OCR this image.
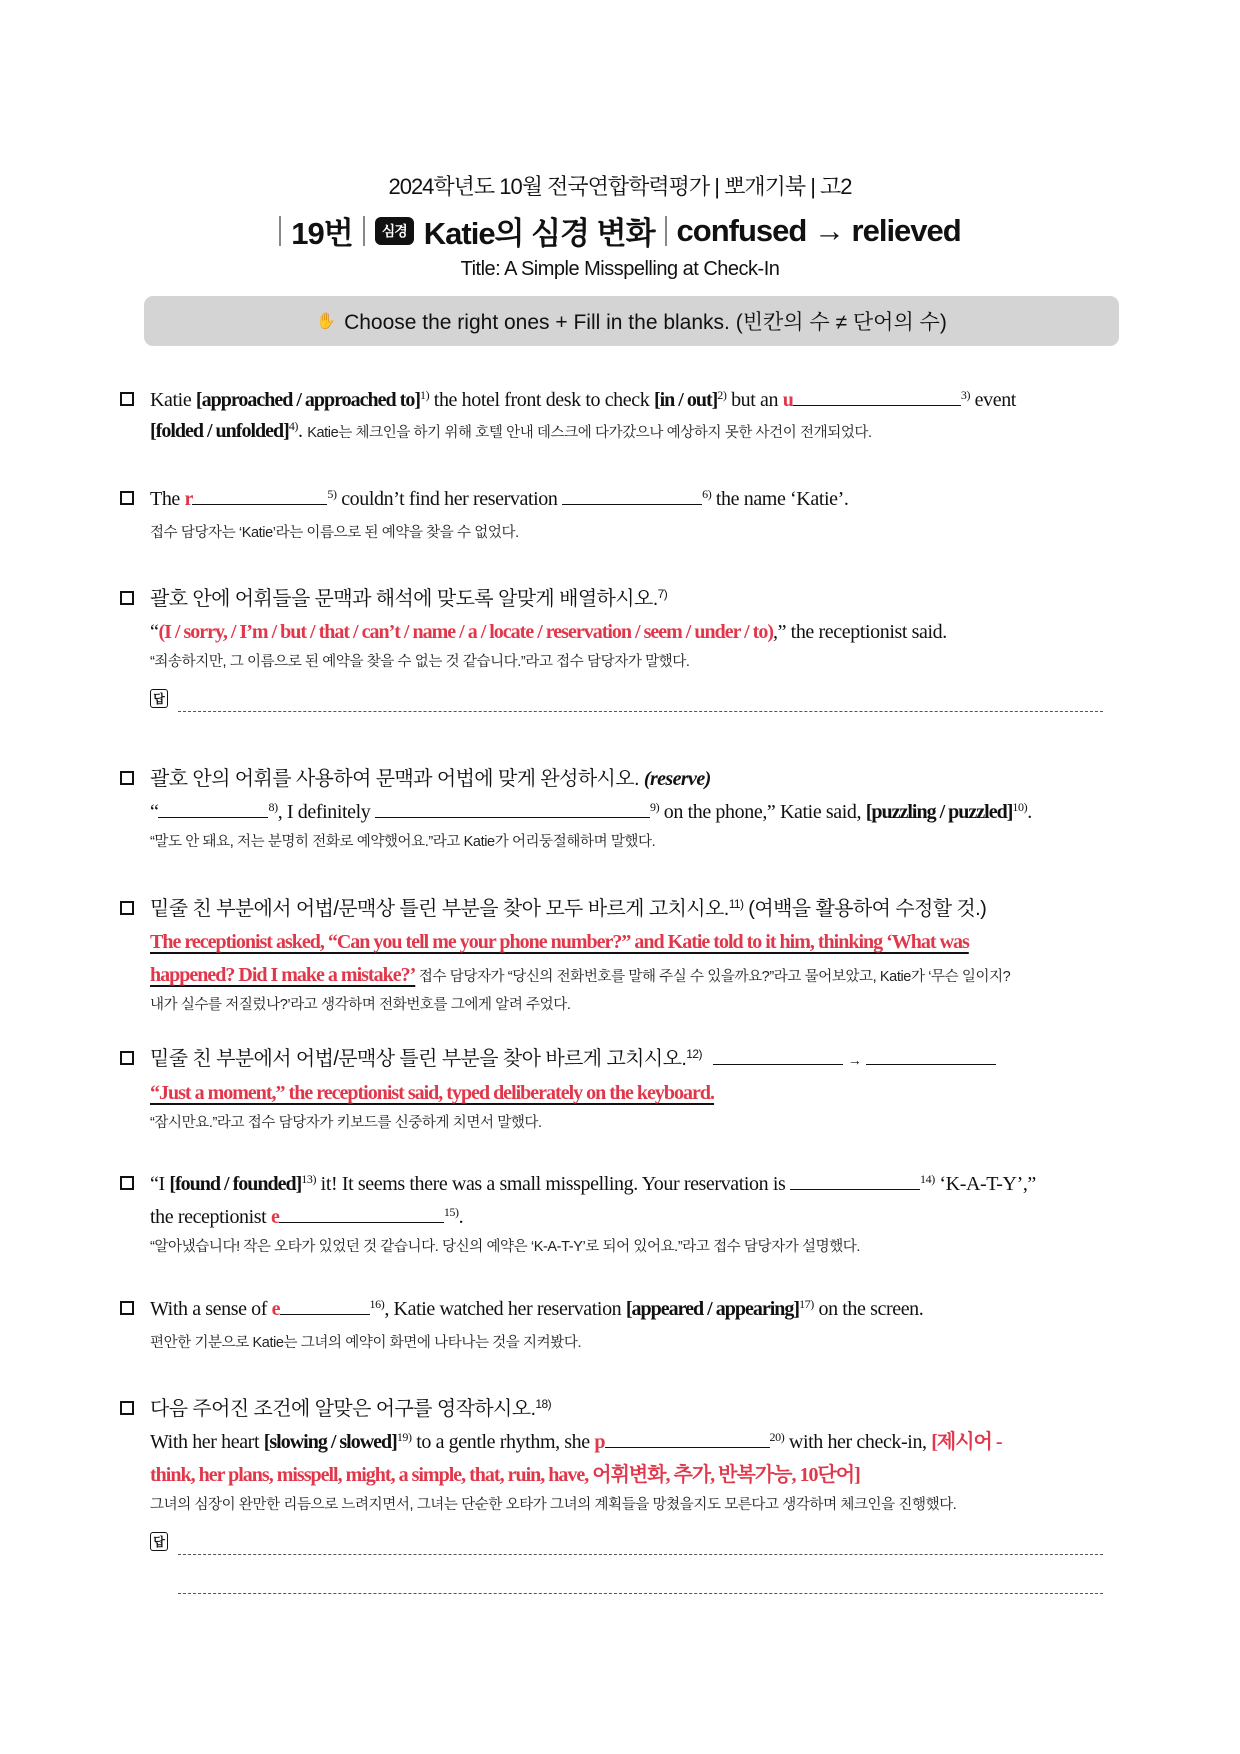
2024학년도 10월 전국연합학력평가 | 뽀개기북 | 고2
19번	심경 Katie의 심경 변화 confused → relieved
Title: A Simple Misspelling at Check-In
✋ Choose the right ones + Fill in the blanks. (빈칸의 수 ≠ 단어의 수)
Katie [approached / approached to]$^{1)}$ the hotel front desk to check [in / out]$^{2)}$ but an u	$^{3)}$ event
[folded / unfolded]$^{4)}$. Katie는 체크인을 하기 위해 호텔 안내 데스크에 다가갔으나 예상하지 못한 사건이 전개되었다.
The r	$^{5)}$ couldn’t find her reservation	$^{6)}$ the name ‘Katie’.
접수 담당자는 ‘Katie’라는 이름으로 된 예약을 찾을 수 없었다.
괄호 안에 어휘들을 문맥과 해석에 맞도록 알맞게 배열하시오.$^{7)}$
“(I / sorry, / I’m / but / that / can’t / name / a / locate / reservation / seem / under / to),” the receptionist said.
“죄송하지만, 그 이름으로 된 예약을 찾을 수 없는 것 같습니다.”라고 접수 담당자가 말했다.
답
괄호 안의 어휘를 사용하여 문맥과 어법에 맞게 완성하시오. (reserve)
“	$^{8)}$, I definitely	$^{9)}$ on the phone,” Katie said, [puzzling / puzzled]$^{10)}$.
“말도 안 돼요, 저는 분명히 전화로 예약했어요.”라고 Katie가 어리둥절해하며 말했다.
밑줄 친 부분에서 어법/문맥상 틀린 부분을 찾아 모두 바르게 고치시오.$^{11)}$ (여백을 활용하여 수정할 것.)
The receptionist asked, “Can you tell me your phone number?” and Katie told to it him, thinking ‘What was
happened? Did I make a mistake?’ 접수 담당자가 “당신의 전화번호를 말해 주실 수 있을까요?”라고 물어보았고, Katie가 ‘무슨 일이지?
내가 실수를 저질렀나?’라고 생각하며 전화번호를 그에게 알려 주었다.
밑줄 친 부분에서 어법/문맥상 틀린 부분을 찾아 바르게 고치시오.$^{12)}$	→
“Just a moment,” the receptionist said, typed deliberately on the keyboard.
“잠시만요.”라고 접수 담당자가 키보드를 신중하게 치면서 말했다.
“I [found / founded]$^{13)}$ it! It seems there was a small misspelling. Your reservation is	$^{14)}$ ‘K-A-T-Y’,”
the receptionist e	$^{15)}$.
“알아냈습니다! 작은 오타가 있었던 것 같습니다. 당신의 예약은 ‘K-A-T-Y’로 되어 있어요.”라고 접수 담당자가 설명했다.
With a sense of e	$^{16)}$, Katie watched her reservation [appeared / appearing]$^{17)}$ on the screen.
편안한 기분으로 Katie는 그녀의 예약이 화면에 나타나는 것을 지켜봤다.
다음 주어진 조건에 알맞은 어구를 영작하시오.$^{18)}$
With her heart [slowing / slowed]$^{19)}$ to a gentle rhythm, she p	$^{20)}$ with her check-in, [제시어 -
think, her plans, misspell, might, a simple, that, ruin, have, 어휘변화, 추가, 반복가능, 10단어]
그녀의 심장이 완만한 리듬으로 느려지면서, 그녀는 단순한 오타가 그녀의 계획들을 망쳤을지도 모른다고 생각하며 체크인을 진행했다.
답
